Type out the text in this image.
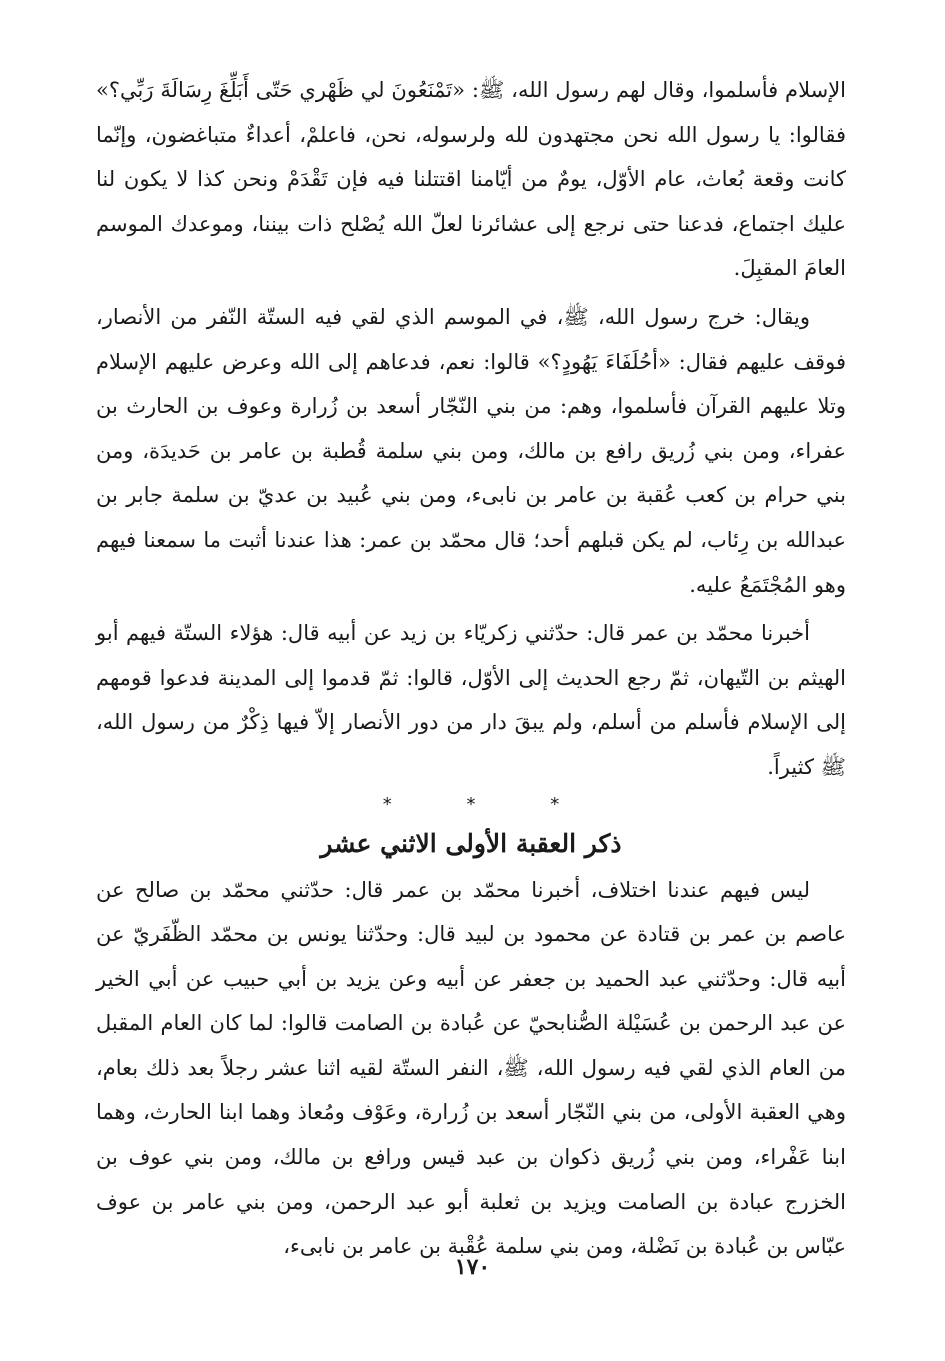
الإسلام فأسلموا، وقال لهم رسول الله، ﷺ: «تَمْنَعُونَ لي ظَهْري حَتّى أَبَلِّغَ رِسَالَةَ رَبِّي؟» فقالوا: يا رسول الله نحن مجتهدون لله ولرسوله، نحن، فاعلمْ، أعداءٌ متباغضون، وإنّما كانت وقعة بُعاث، عام الأوّل، يومٌ من أيّامنا اقتتلنا فيه فإن تَقْدَمْ ونحن كذا لا يكون لنا عليك اجتماع، فدعنا حتى نرجع إلى عشائرنا لعلّ الله يُصْلح ذات بيننا، وموعدك الموسم العامَ المقبِلَ.

ويقال: خرج رسول الله، ﷺ، في الموسم الذي لقي فيه الستّة النّفر من الأنصار، فوقف عليهم فقال: «أحُلَفَاءَ يَهُودٍ؟» قالوا: نعم، فدعاهم إلى الله وعرض عليهم الإسلام وتلا عليهم القرآن فأسلموا، وهم: من بني النّجّار أسعد بن زُرارة وعوف بن الحارث بن عفراء، ومن بني زُريق رافع بن مالك، ومن بني سلمة قُطبة بن عامر بن حَديدَة، ومن بني حرام بن كعب عُقبة بن عامر بن نابىء، ومن بني عُبيد بن عديّ بن سلمة جابر بن عبدالله بن رِئاب، لم يكن قبلهم أحد؛ قال محمّد بن عمر: هذا عندنا أثبت ما سمعنا فيهم وهو المُجْتَمَعُ عليه.

أخبرنا محمّد بن عمر قال: حدّثني زكريّاء بن زيد عن أبيه قال: هؤلاء الستّة فيهم أبو الهيثم بن التّيهان، ثمّ رجع الحديث إلى الأوّل، قالوا: ثمّ قدموا إلى المدينة فدعوا قومهم إلى الإسلام فأسلم من أسلم، ولم يبقَ دار من دور الأنصار إلاّ فيها ذِكْرٌ من رسول الله، ﷺ كثيراً.

*	*	*
ذكر العقبة الأولى الاثني عشر

ليس فيهم عندنا اختلاف، أخبرنا محمّد بن عمر قال: حدّثني محمّد بن صالح عن عاصم بن عمر بن قتادة عن محمود بن لبيد قال: وحدّثنا يونس بن محمّد الظّفَريّ عن أبيه قال: وحدّثني عبد الحميد بن جعفر عن أبيه وعن يزيد بن أبي حبيب عن أبي الخير عن عبد الرحمن بن عُسَيْلة الصُّنابحيّ عن عُبادة بن الصامت قالوا: لما كان العام المقبل من العام الذي لقي فيه رسول الله، ﷺ، النفر الستّة لقيه اثنا عشر رجلاً بعد ذلك بعام، وهي العقبة الأولى، من بني النّجّار أسعد بن زُرارة، وعَوْف ومُعاذ وهما ابنا الحارث، وهما ابنا عَفْراء، ومن بني زُريق ذكوان بن عبد قيس ورافع بن مالك، ومن بني عوف بن الخزرج عبادة بن الصامت ويزيد بن ثعلبة أبو عبد الرحمن، ومن بني عامر بن عوف عبّاس بن عُبادة بن نَضْلة، ومن بني سلمة عُقْبة بن عامر بن نابىء،

١٧٠
